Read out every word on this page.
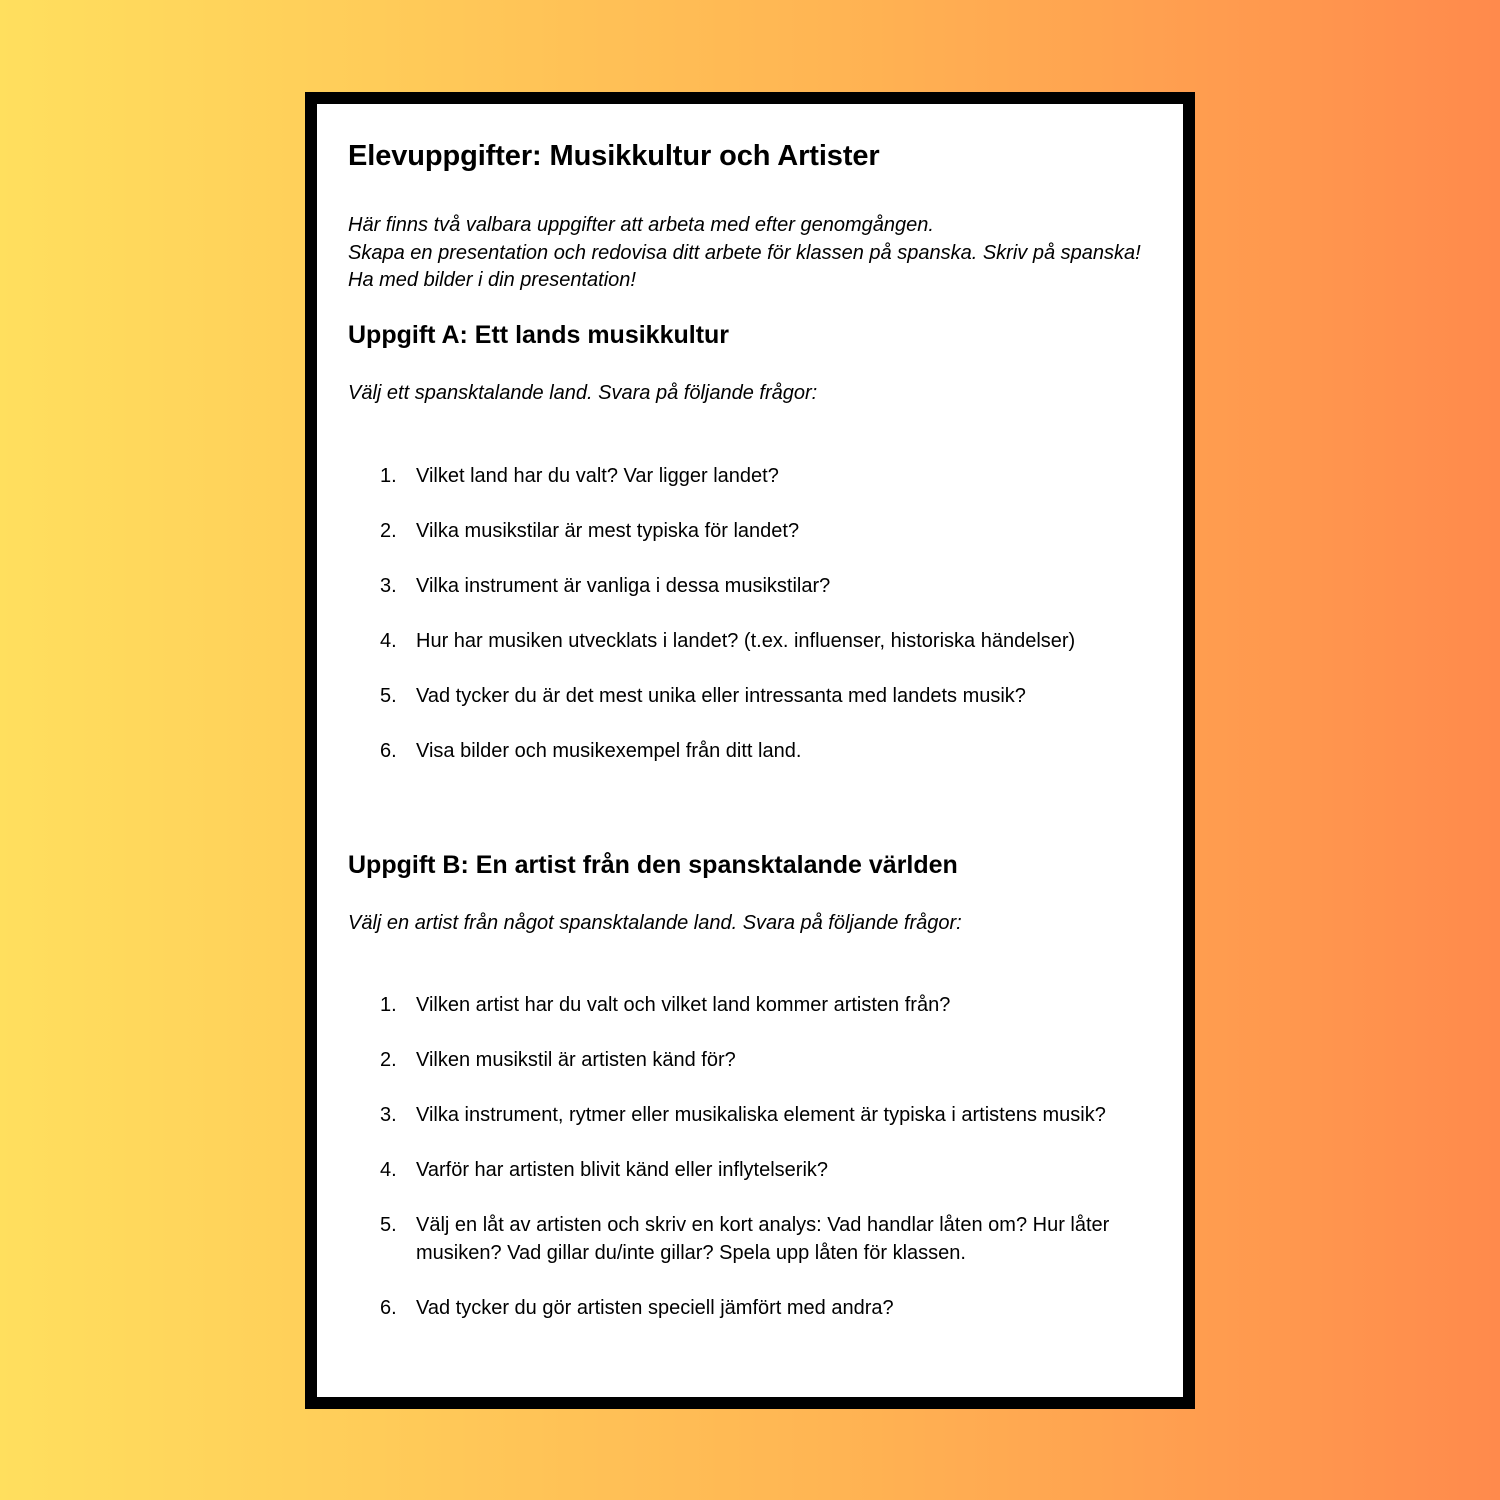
Elevuppgifter: Musikkultur och Artister
Här finns två valbara uppgifter att arbeta med efter genomgången.
Skapa en presentation och redovisa ditt arbete för klassen på spanska. Skriv på spanska!
Ha med bilder i din presentation!
Uppgift A: Ett lands musikkultur
Välj ett spansktalande land. Svara på följande frågor:
1. Vilket land har du valt? Var ligger landet?
2. Vilka musikstilar är mest typiska för landet?
3. Vilka instrument är vanliga i dessa musikstilar?
4. Hur har musiken utvecklats i landet? (t.ex. influenser, historiska händelser)
5. Vad tycker du är det mest unika eller intressanta med landets musik?
6. Visa bilder och musikexempel från ditt land.
Uppgift B: En artist från den spansktalande världen
Välj en artist från något spansktalande land. Svara på följande frågor:
1. Vilken artist har du valt och vilket land kommer artisten från?
2. Vilken musikstil är artisten känd för?
3. Vilka instrument, rytmer eller musikaliska element är typiska i artistens musik?
4. Varför har artisten blivit känd eller inflytelserik?
5. Välj en låt av artisten och skriv en kort analys: Vad handlar låten om? Hur låter musiken? Vad gillar du/inte gillar? Spela upp låten för klassen.
6. Vad tycker du gör artisten speciell jämfört med andra?
